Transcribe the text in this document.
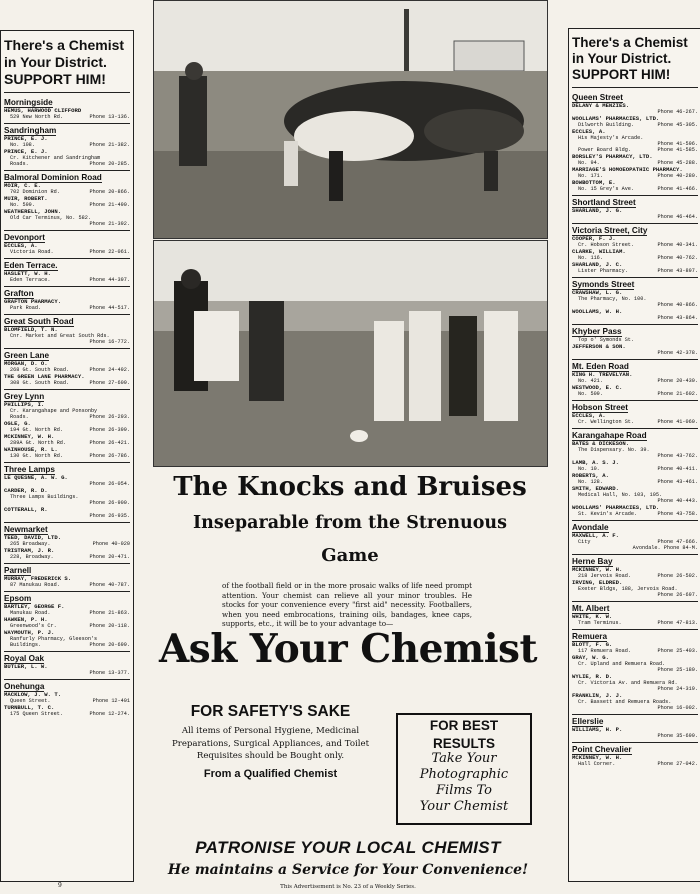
There's a Chemist
in Your District.
SUPPORT HIM!
Morningside
HEMUS, HARWOOD CLIFFORD
Phone 13-136.
529 New North Rd.
Sandringham
PRINCE, E. J.
Phone 21-382.
No. 108.
PRINCE, E. J.
Cr. Kitchener and Sandringham
Phone 20-285.
Roads.
Balmoral Dominion Road
MOIR, C. E.
Phone 20-866.
702 Dominion Rd.
MUIR, ROBERT.
Phone 21-490.
No. 599.
WEATHERELL, JOHN.
Old Car Terminus, No. 582.
Phone 21-392.
Devonport
ECCLES, A.
Phone 22-061.
Victoria Road.
Eden Terrace.
HASLETT, W. H.
Phone 44-397.
Eden Terrace.
Grafton
GRAFTON PHARMACY.
Phone 44-517.
Park Road.
Great South Road
BLOMFIELD, T. N.
Cnr. Market and Great South Rds.
Phone 16-772.
Green Lane
MORGAN, D. O.
Phone 24-492.
268 Gt. South Road.
THE GREEN LANE PHARMACY.
Phone 27-609.
308 Gt. South Road.
Grey Lynn
PHILLIPS, I.
Cr. Karangahape and Ponsonby
Phone 26-293.
Roads.
OGLE, G.
Phone 26-399.
194 Gt. North Rd.
MCKINNEY, W. H.
Phone 26-421.
289A Gt. North Rd.
WAINHOUSE, R. L.
Phone 26-786.
130 Gt. North Rd.
Three Lamps
LE QUESNE, A. W. G.
Phone 26-054.
CARDER, R. D.
Three Lamps Buildings.
Phone 26-900.
COTTERALL, R.
Phone 26-935.
Newmarket
TEED, DAVID, LTD.
Phone 40-020
265 Broadway.
TRISTRAM, J. R.
Phone 20-471.
228, Broadway.
Parnell
MURRAY, FREDERICK S.
Phone 40-787.
87 Manukau Road.
Epsom
BARTLEY, GEORGE F.
Phone 21-863.
Manukau Road.
HAWKEN, P. H.
Phone 20-118.
Greenwood's Cr.
WAYMOUTH, P. J.
Ranfurly Pharmacy, Gleeson's
Phone 20-699.
Buildings.
Royal Oak
BUTLER, L. W.
Phone 13-377.
Onehunga
MACKLOW, J. W. T.
Phone 12-401
Queen Street.
TURNBULL, T. C.
Phone 12-274.
175 Queen Street.
There's a Chemist
in Your District.
SUPPORT HIM!
Queen Street
DELANY & MENZIES.
Phone 46-267.
WOOLLAMS' PHARMACIES, LTD.
Phone 45-305.
Dilworth Building.
ECCLES, A.
His Majesty's Arcade.
Phone 41-596.
Phone 41-585.
Power Board Bldg.
BORSLEY'S PHARMACY, LTD.
Phone 45-288.
No. 94.
MARRIAGE'S HOMOEOPATHIC PHARMACY.
Phone 40-280.
No. 171.
BOWBOTTOM, E.
Phone 41-466.
No. 15 Grey's Ave.
Shortland Street
SHARLAND, J. G.
Phone 46-464.
Victoria Street, City
COOPER, F. J.
Phone 40-341.
Cr. Hobson Street.
CLARKE, WILLIAM.
Phone 40-762.
No. 116.
SHARLAND, J. C.
Phone 43-897.
Lister Pharmacy.
Symonds Street
CRAWSHAW, L. G.
The Pharmacy, No. 100.
Phone 40-866.
WOOLLAMS, W. H.
Phone 43-864.
Khyber Pass
Top o' Symonds St.
JEFFERSON & SON.
Phone 42-378.
Mt. Eden Road
KING H. TREVELYAN.
Phone 20-430.
No. 421.
WESTWOOD, E. C.
Phone 21-602.
No. 509.
Hobson Street
ECCLES, A.
Phone 41-060.
Cr. Wellington St.
Karangahape Road
BATES & DICKESON.
The Dispensary. No. 39.
Phone 43-762.
LAMB, A. S. J.
Phone 40-411.
No. 10.
ROBERTS, A.
Phone 43-461.
No. 128.
SMITH, EDWARD.
Medical Hall, No. 103, 105.
Phone 40-443.
WOOLLAMS' PHARMACIES, LTD.
Phone 43-758.
St. Kevin's Arcade.
Avondale
MAXWELL, A. F.
Phone 47-666.
City
Avondale. Phone 84-M.
Herne Bay
MCKINNEY, W. H.
Phone 26-502.
218 Jervois Road.
IRVING, ELDRED.
Exeter Bldgs, 188, Jervois Road.
Phone 26-697.
Mt. Albert
WHITE, K. W.
Phone 47-813.
Tram Terminus.
Remuera
BLOTT, F. G.
Phone 25-403.
117 Remuera Road.
GRAY, W. G.
Cr. Upland and Remuera Road.
Phone 25-180.
WYLIE, R. D.
Cr. Victoria Av. and Remuera Rd.
Phone 24-319.
FRANKLIN, J. J.
Cr. Bassett and Remuera Roads.
Phone 16-002.
Ellerslie
WILLIAMS, H. P.
Phone 35-699.
Point Chevalier
MCKINNEY, W. H.
Phone 27-042.
Hall Corner.
The Knocks and Bruises
Inseparable from the Strenuous
Game
of the football field or in the more prosaic walks of life need prompt attention. Your chemist can relieve all your minor troubles. He stocks for your convenience every "first aid" necessity. Footballers, when you need embrocations, training oils, bandages, knee caps, supports, etc., it will be to your advantage to—
Ask Your Chemist
FOR SAFETY'S SAKE
All items of Personal Hygiene, Medicinal Preparations, Surgical Appliances, and Toilet Requisites should be Bought only.
From a Qualified Chemist
FOR BEST
RESULTS
Take Your
Photographic
Films To
Your Chemist
PATRONISE YOUR LOCAL CHEMIST
He maintains a Service for Your Convenience!
This Advertisement is No. 23 of a Weekly Series.
9
